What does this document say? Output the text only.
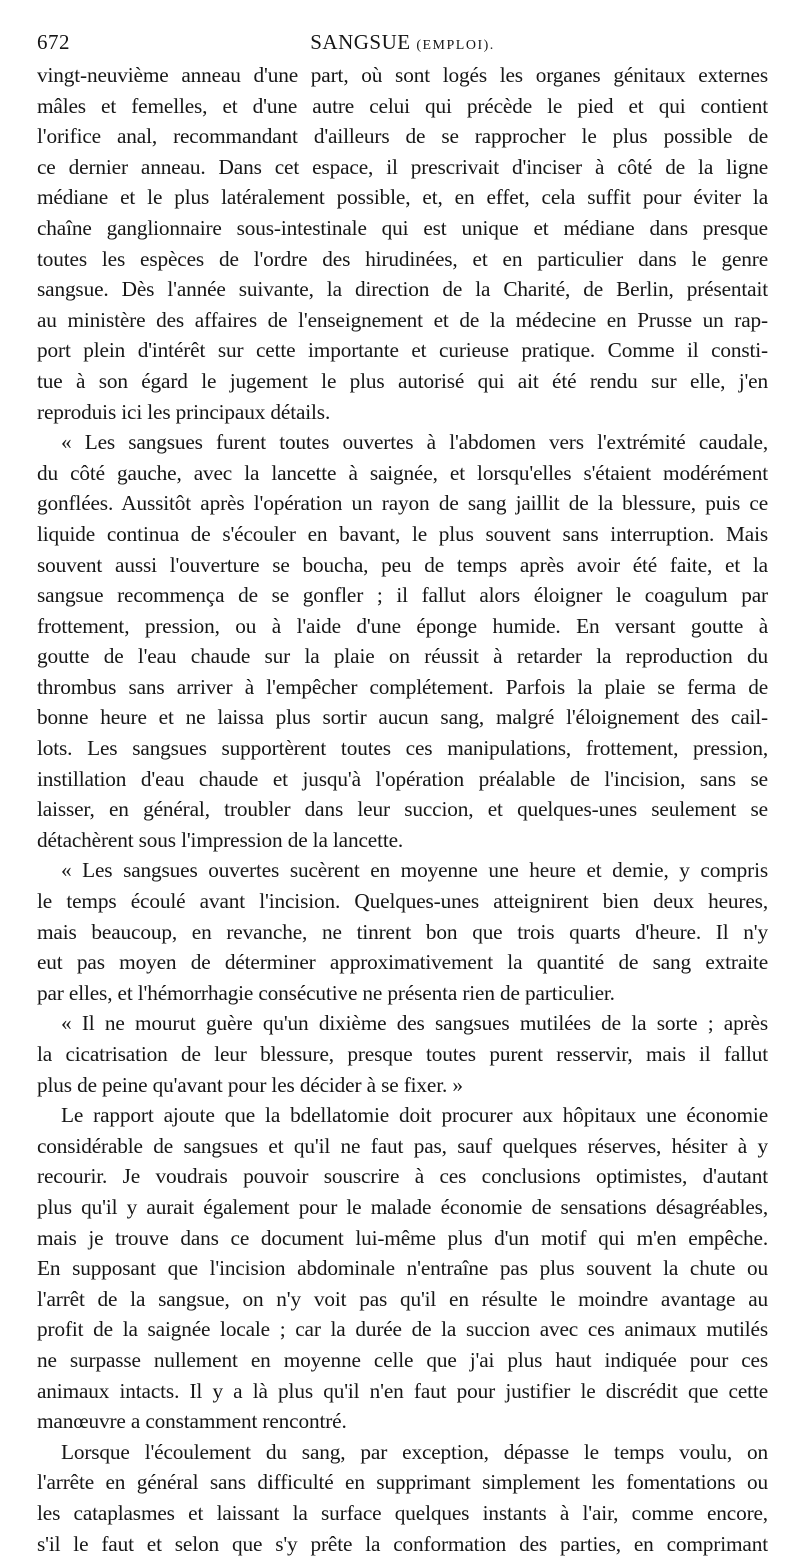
672	SANGSUE (EMPLOI).
vingt-neuvième anneau d'une part, où sont logés les organes génitaux externes
mâles et femelles, et d'une autre celui qui précède le pied et qui contient
l'orifice anal, recommandant d'ailleurs de se rapprocher le plus possible de
ce dernier anneau. Dans cet espace, il prescrivait d'inciser à côté de la ligne
médiane et le plus latéralement possible, et, en effet, cela suffit pour éviter la
chaîne ganglionnaire sous-intestinale qui est unique et médiane dans presque
toutes les espèces de l'ordre des hirudinées, et en particulier dans le genre
sangsue. Dès l'année suivante, la direction de la Charité, de Berlin, présentait
au ministère des affaires de l'enseignement et de la médecine en Prusse un rap-
port plein d'intérêt sur cette importante et curieuse pratique. Comme il consti-
tue à son égard le jugement le plus autorisé qui ait été rendu sur elle, j'en
reproduis ici les principaux détails.
« Les sangsues furent toutes ouvertes à l'abdomen vers l'extrémité caudale,
du côté gauche, avec la lancette à saignée, et lorsqu'elles s'étaient modérément
gonflées. Aussitôt après l'opération un rayon de sang jaillit de la blessure, puis ce
liquide continua de s'écouler en bavant, le plus souvent sans interruption. Mais
souvent aussi l'ouverture se boucha, peu de temps après avoir été faite, et la
sangsue recommença de se gonfler ; il fallut alors éloigner le coagulum par
frottement, pression, ou à l'aide d'une éponge humide. En versant goutte à
goutte de l'eau chaude sur la plaie on réussit à retarder la reproduction du
thrombus sans arriver à l'empêcher complétement. Parfois la plaie se ferma de
bonne heure et ne laissa plus sortir aucun sang, malgré l'éloignement des cail-
lots. Les sangsues supportèrent toutes ces manipulations, frottement, pression,
instillation d'eau chaude et jusqu'à l'opération préalable de l'incision, sans se
laisser, en général, troubler dans leur succion, et quelques-unes seulement se
détachèrent sous l'impression de la lancette.
« Les sangsues ouvertes sucèrent en moyenne une heure et demie, y compris
le temps écoulé avant l'incision. Quelques-unes atteignirent bien deux heures,
mais beaucoup, en revanche, ne tinrent bon que trois quarts d'heure. Il n'y
eut pas moyen de déterminer approximativement la quantité de sang extraite
par elles, et l'hémorrhagie consécutive ne présenta rien de particulier.
« Il ne mourut guère qu'un dixième des sangsues mutilées de la sorte ; après
la cicatrisation de leur blessure, presque toutes purent resservir, mais il fallut
plus de peine qu'avant pour les décider à se fixer. »
Le rapport ajoute que la bdellatomie doit procurer aux hôpitaux une économie
considérable de sangsues et qu'il ne faut pas, sauf quelques réserves, hésiter à y
recourir. Je voudrais pouvoir souscrire à ces conclusions optimistes, d'autant
plus qu'il y aurait également pour le malade économie de sensations désagréables,
mais je trouve dans ce document lui-même plus d'un motif qui m'en empêche.
En supposant que l'incision abdominale n'entraîne pas plus souvent la chute ou
l'arrêt de la sangsue, on n'y voit pas qu'il en résulte le moindre avantage au
profit de la saignée locale ; car la durée de la succion avec ces animaux mutilés
ne surpasse nullement en moyenne celle que j'ai plus haut indiquée pour ces
animaux intacts. Il y a là plus qu'il n'en faut pour justifier le discrédit que cette
manœuvre a constamment rencontré.
Lorsque l'écoulement du sang, par exception, dépasse le temps voulu, on
l'arrête en général sans difficulté en supprimant simplement les fomentations ou
les cataplasmes et laissant la surface quelques instants à l'air, comme encore,
s'il le faut et selon que s'y prête la conformation des parties, en comprimant
